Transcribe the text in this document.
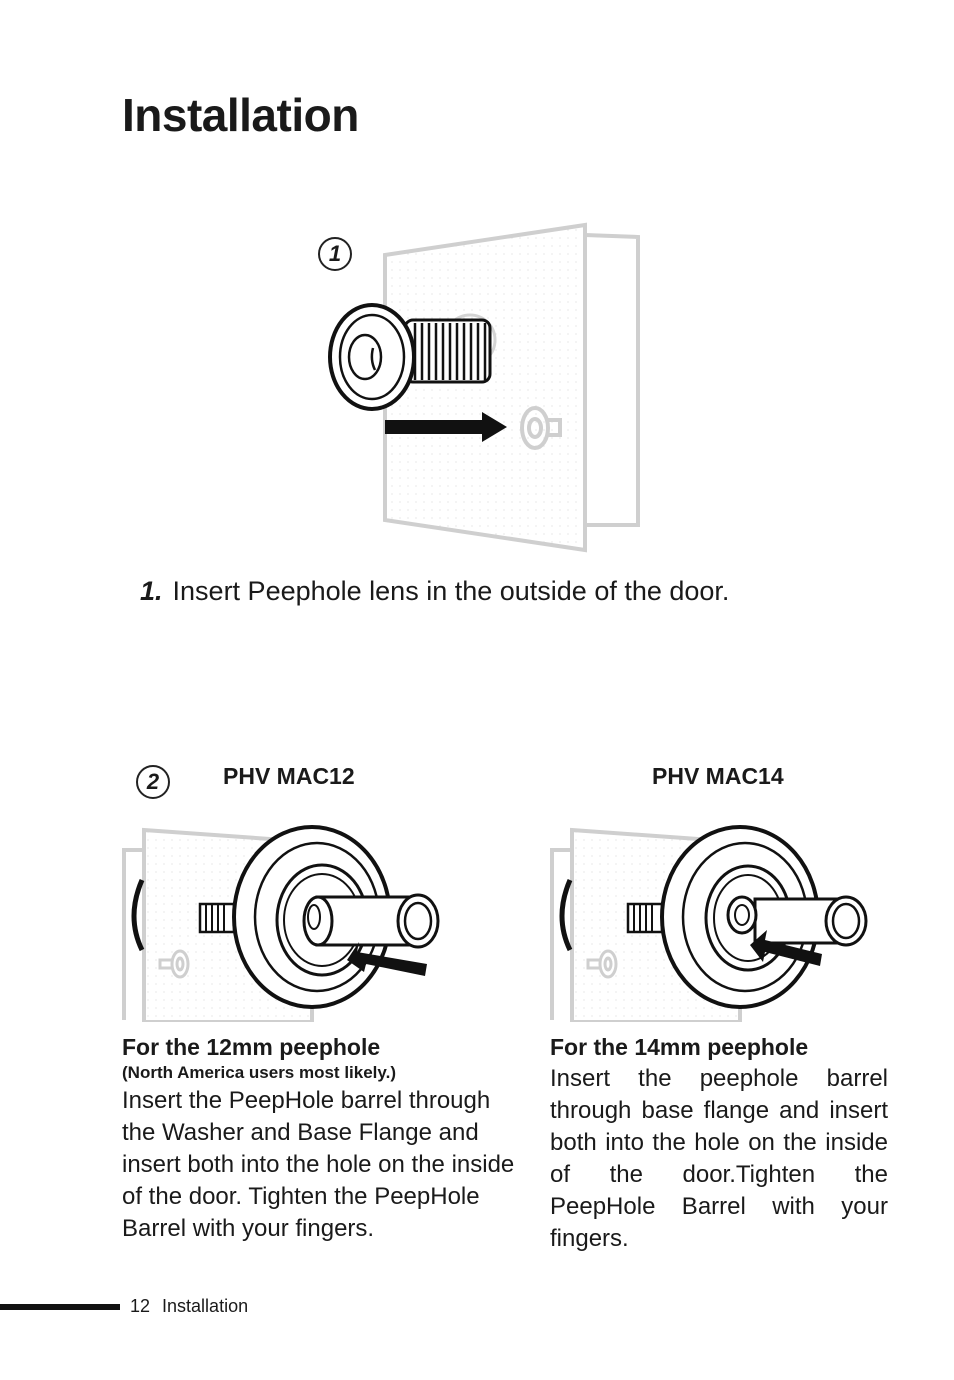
Installation
1. Insert Peephole lens in the outside of the door.
2	PHV MAC12	PHV MAC14
1
For the 12mm peephole
(North America users most likely.)
Insert the PeepHole barrel through the Washer and Base Flange and insert both into the hole on the inside of the door. Tighten the PeepHole Barrel with your fingers.
For the 14mm peephole
Insert the peephole barrel through base flange and insert both into the hole on the inside of the door.Tighten the PeepHole Barrel with your fingers.
12 Installation
